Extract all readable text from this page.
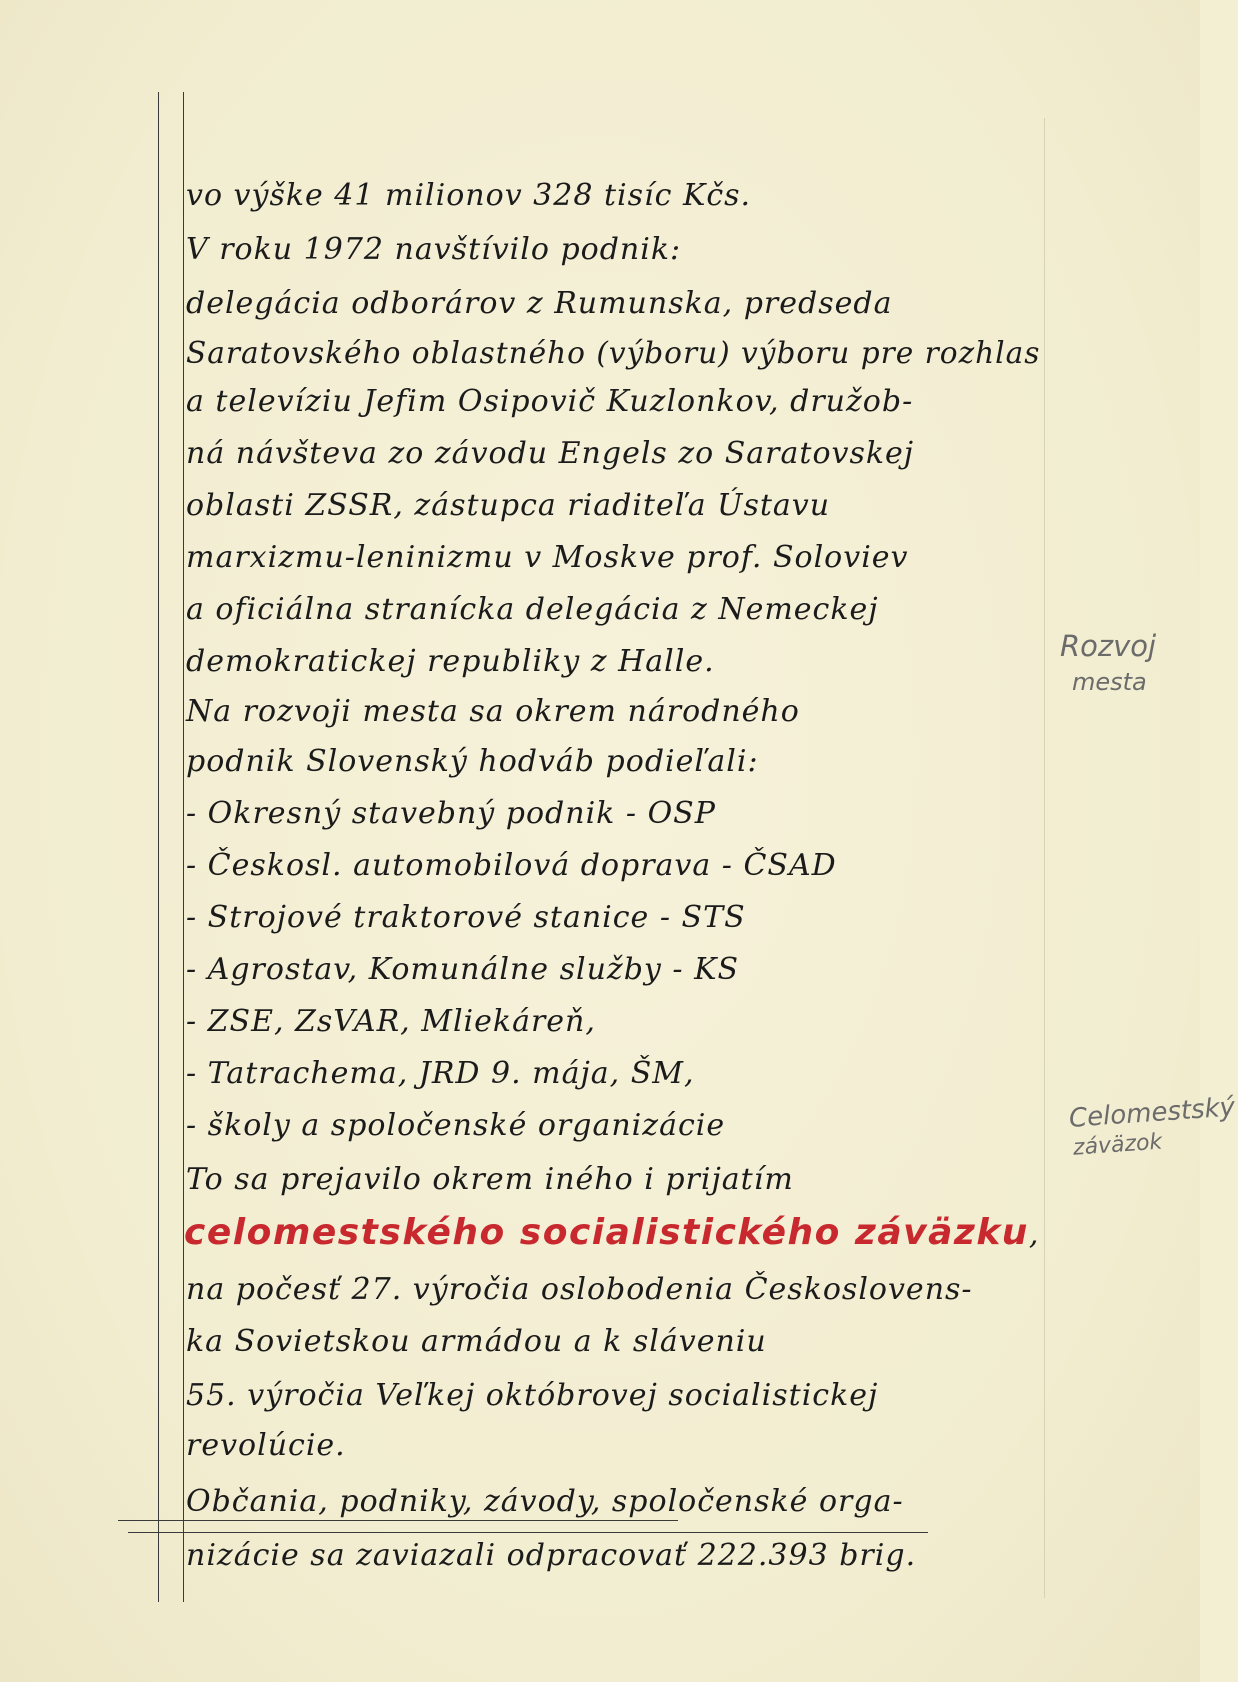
vo výške 41 milionov 328 tisíc Kčs.
V roku 1972 navštívilo podnik:
delegácia odborárov z Rumunska, predseda
Saratovského oblastného (výboru) výboru pre rozhlas
a televíziu Jefim Osipovič Kuzlonkov, družob-
ná návšteva zo závodu Engels zo Saratovskej
oblasti ZSSR, zástupca riaditeľa Ústavu
marxizmu-leninizmu v Moskve prof. Soloviev
a oficiálna stranícka delegácia z Nemeckej
demokratickej republiky z Halle.
Na rozvoji mesta sa okrem národného
podnik Slovenský hodváb podieľali:
- Okresný stavebný podnik - OSP
- Českosl. automobilová doprava - ČSAD
- Strojové traktorové stanice - STS
- Agrostav, Komunálne služby - KS
- ZSE, ZsVAR, Mliekáreň,
- Tatrachema, JRD 9. mája, ŠM,
- školy a spoločenské organizácie
To sa prejavilo okrem iného i prijatím
celomestského socialistického záväzku,
na počesť 27. výročia oslobodenia Českoslovens-
ka Sovietskou armádou a k sláveniu
55. výročia Veľkej októbrovej socialistickej
revolúcie.
Občania, podniky, závody, spoločenské orga-
nizácie sa zaviazali odpracovať 222.393 brig.
Rozvoj
mesta
Celomestský
záväzok
